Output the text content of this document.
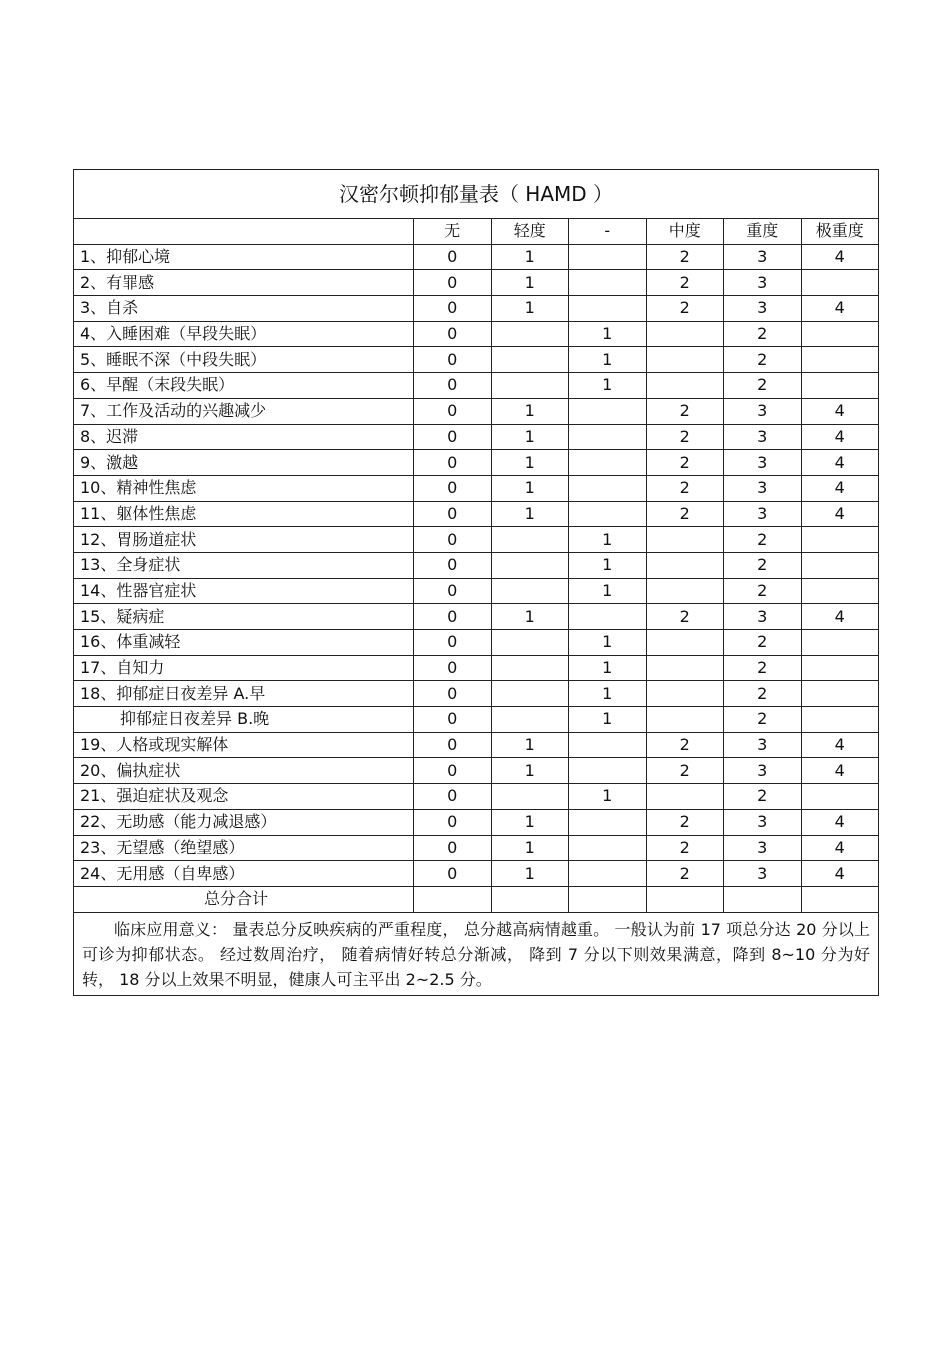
汉密尔顿抑郁量表（ HAMD ）						
	无	轻度	-	中度	重度	极重度
1、抑郁心境	0	1		2	3	4
2、有罪感	0	1		2	3	
3、自杀	0	1		2	3	4
4、入睡困难（早段失眠）	0		1		2	
5、睡眠不深（中段失眠）	0		1		2	
6、早醒（末段失眠）	0		1		2	
7、工作及活动的兴趣减少	0	1		2	3	4
8、迟滞	0	1		2	3	4
9、激越	0	1		2	3	4
10、精神性焦虑	0	1		2	3	4
11、躯体性焦虑	0	1		2	3	4
12、胃肠道症状	0		1		2	
13、全身症状	0		1		2	
14、性器官症状	0		1		2	
15、疑病症	0	1		2	3	4
16、体重减轻	0		1		2	
17、自知力	0		1		2	
18、抑郁症日夜差异 A.早	0		1		2	
抑郁症日夜差异 B.晚	0		1		2	
19、人格或现实解体	0	1		2	3	4
20、偏执症状	0	1		2	3	4
21、强迫症状及观念	0		1		2	
22、无助感（能力减退感）	0	1		2	3	4
23、无望感（绝望感）	0	1		2	3	4
24、无用感（自卑感）	0	1		2	3	4
总分合计						
临床应用意义： 量表总分反映疾病的严重程度， 总分越高病情越重。 一般认为前 17 项总分达 20 分以上可诊为抑郁状态。 经过数周治疗， 随着病情好转总分渐减， 降到 7 分以下则效果满意，降到 8~10 分为好转， 18 分以上效果不明显，健康人可主平出 2~2.5 分。						
